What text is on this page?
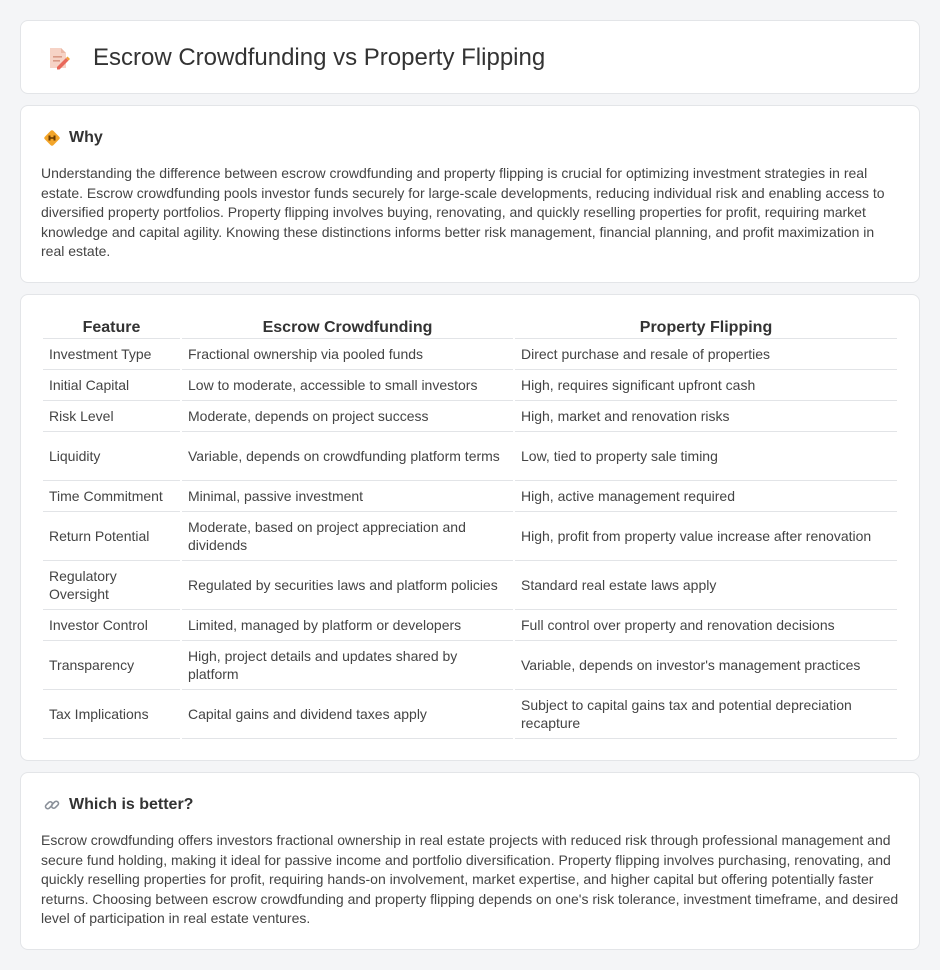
Escrow Crowdfunding vs Property Flipping
Why

Understanding the difference between escrow crowdfunding and property flipping is crucial for optimizing investment strategies in real estate. Escrow crowdfunding pools investor funds securely for large-scale developments, reducing individual risk and enabling access to diversified property portfolios. Property flipping involves buying, renovating, and quickly reselling properties for profit, requiring market knowledge and capital agility. Knowing these distinctions informs better risk management, financial planning, and profit maximization in real estate.

Feature	Escrow Crowdfunding	Property Flipping
Investment Type	Fractional ownership via pooled funds	Direct purchase and resale of properties
Initial Capital	Low to moderate, accessible to small investors	High, requires significant upfront cash
Risk Level	Moderate, depends on project success	High, market and renovation risks
Liquidity	Variable, depends on crowdfunding platform terms	Low, tied to property sale timing
Time Commitment	Minimal, passive investment	High, active management required
Return Potential	Moderate, based on project appreciation and dividends	High, profit from property value increase after renovation
Regulatory Oversight	Regulated by securities laws and platform policies	Standard real estate laws apply
Investor Control	Limited, managed by platform or developers	Full control over property and renovation decisions
Transparency	High, project details and updates shared by platform	Variable, depends on investor's management practices
Tax Implications	Capital gains and dividend taxes apply	Subject to capital gains tax and potential depreciation recapture
Which is better?

Escrow crowdfunding offers investors fractional ownership in real estate projects with reduced risk through professional management and secure fund holding, making it ideal for passive income and portfolio diversification. Property flipping involves purchasing, renovating, and quickly reselling properties for profit, requiring hands-on involvement, market expertise, and higher capital but offering potentially faster returns. Choosing between escrow crowdfunding and property flipping depends on one's risk tolerance, investment timeframe, and desired level of participation in real estate ventures.
